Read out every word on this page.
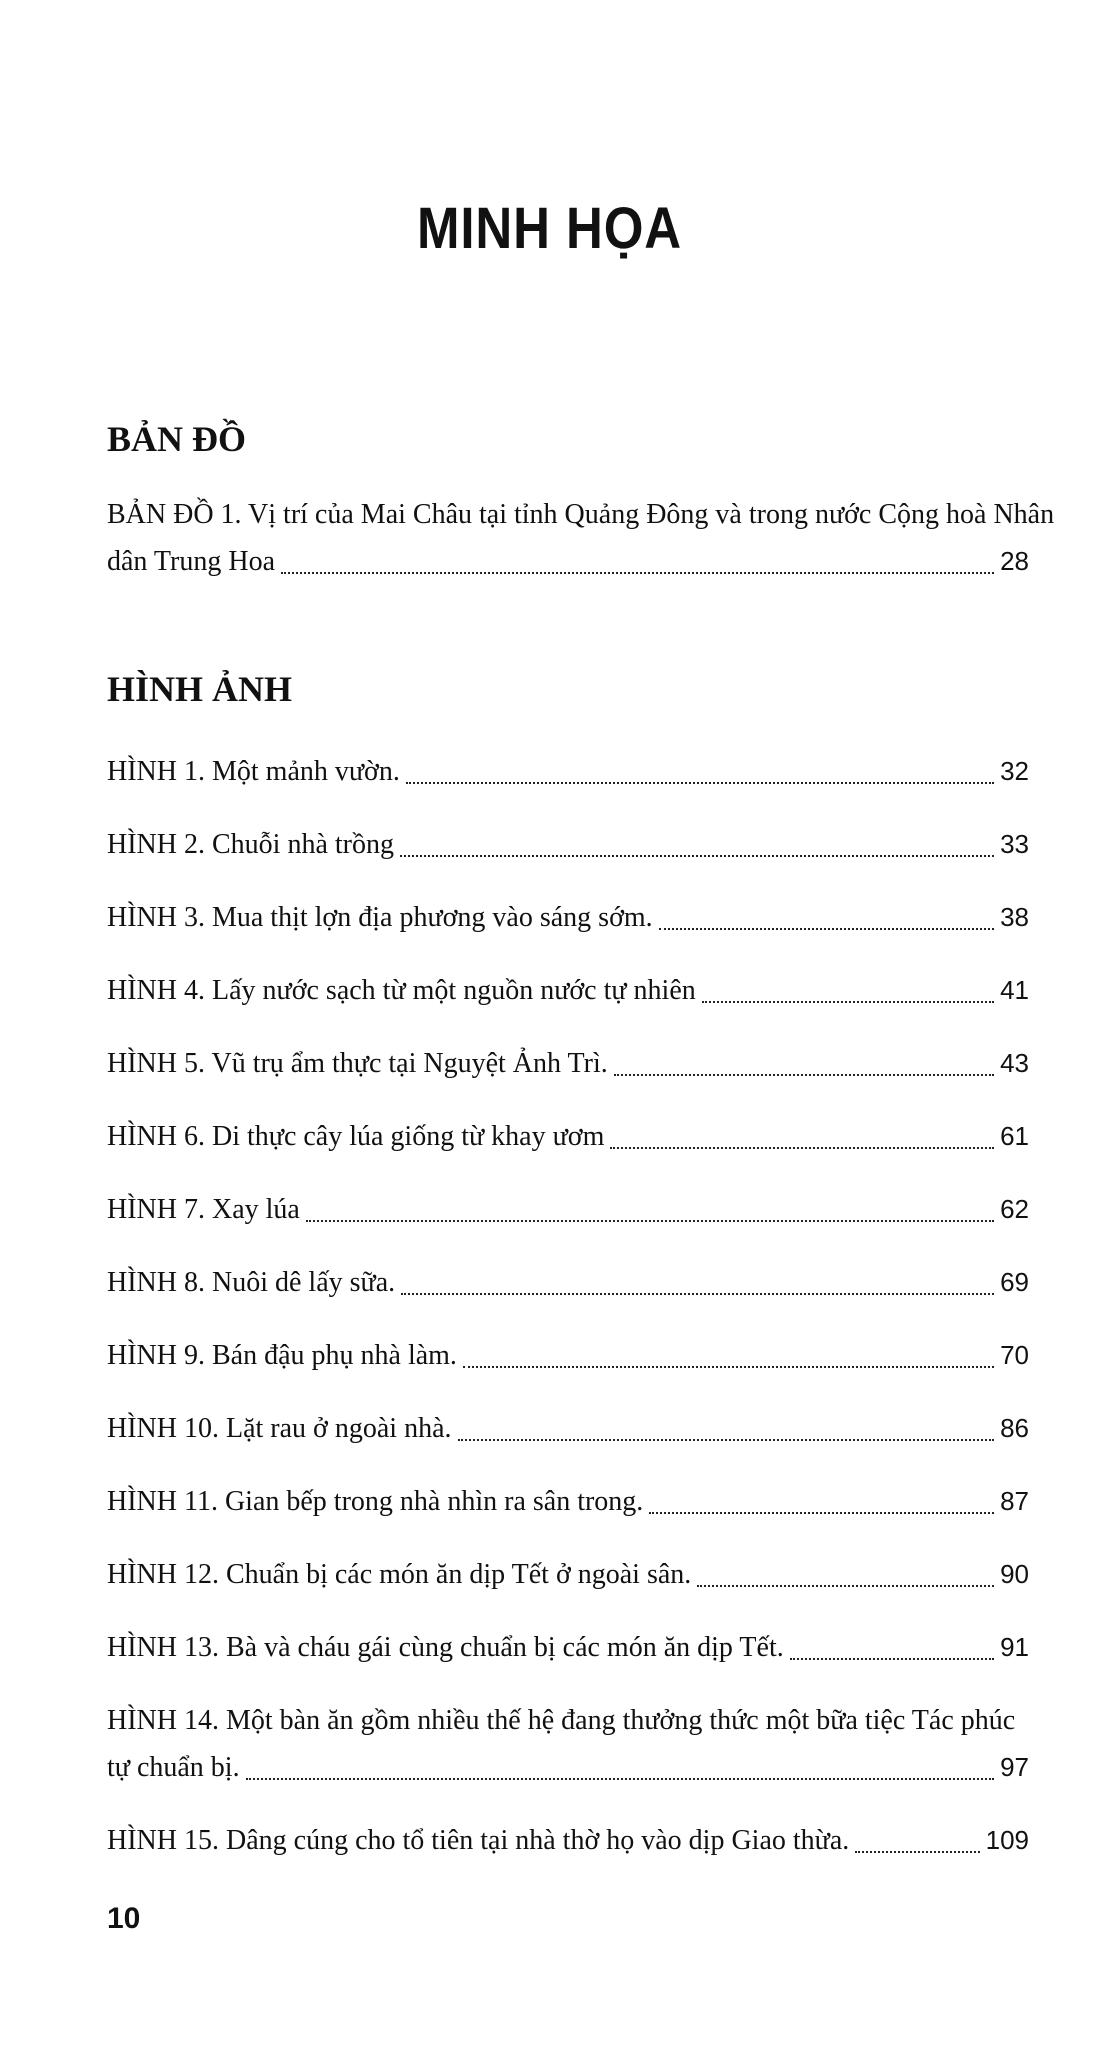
MINH HỌA
BẢN ĐỒ
BẢN ĐỒ 1. Vị trí của Mai Châu tại tỉnh Quảng Đông và trong nước Cộng hoà Nhân
dân Trung Hoa	28
HÌNH ẢNH
HÌNH 1. Một mảnh vườn.	32
HÌNH 2. Chuỗi nhà trồng	33
HÌNH 3. Mua thịt lợn địa phương vào sáng sớm.	38
HÌNH 4. Lấy nước sạch từ một nguồn nước tự nhiên	41
HÌNH 5. Vũ trụ ẩm thực tại Nguyệt Ảnh Trì.	43
HÌNH 6. Di thực cây lúa giống từ khay ươm	61
HÌNH 7. Xay lúa	62
HÌNH 8. Nuôi dê lấy sữa.	69
HÌNH 9. Bán đậu phụ nhà làm.	70
HÌNH 10. Lặt rau ở ngoài nhà.	86
HÌNH 11. Gian bếp trong nhà nhìn ra sân trong.	87
HÌNH 12. Chuẩn bị các món ăn dịp Tết ở ngoài sân.	90
HÌNH 13. Bà và cháu gái cùng chuẩn bị các món ăn dịp Tết.	91
HÌNH 14. Một bàn ăn gồm nhiều thế hệ đang thưởng thức một bữa tiệc Tác phúc
tự chuẩn bị.	97
HÌNH 15. Dâng cúng cho tổ tiên tại nhà thờ họ vào dịp Giao thừa.	109
10
